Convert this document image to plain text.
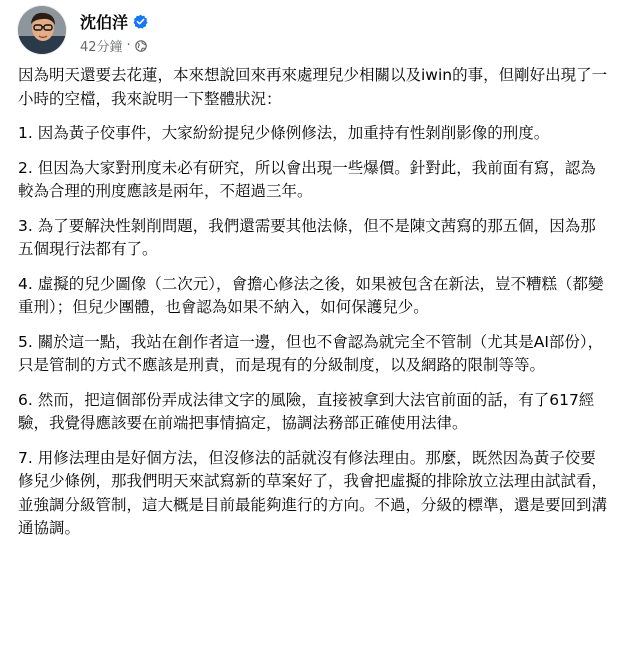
沈伯洋
42分鐘 ·

因為明天還要去花蓮，本來想說回來再來處理兒少相關以及iwin的事，但剛好出現了一小時的空檔，我來說明一下整體狀況：

1. 因為黃子佼事件，大家紛紛提兒少條例修法，加重持有性剝削影像的刑度。

2. 但因為大家對刑度未必有研究，所以會出現一些爆價。針對此，我前面有寫，認為較為合理的刑度應該是兩年，不超過三年。

3. 為了要解決性剝削問題，我們還需要其他法條，但不是陳文茜寫的那五個，因為那五個現行法都有了。

4. 虛擬的兒少圖像（二次元），會擔心修法之後，如果被包含在新法，豈不糟糕（都變重刑）；但兒少團體，也會認為如果不納入，如何保護兒少。

5. 關於這一點，我站在創作者這一邊，但也不會認為就完全不管制（尤其是AI部份），只是管制的方式不應該是刑責，而是現有的分級制度，以及網路的限制等等。

6. 然而，把這個部份弄成法律文字的風險，直接被拿到大法官前面的話，有了617經驗，我覺得應該要在前端把事情搞定，協調法務部正確使用法律。

7. 用修法理由是好個方法，但沒修法的話就沒有修法理由。那麼，既然因為黃子佼要修兒少條例，那我們明天來試寫新的草案好了，我會把虛擬的排除放立法理由試試看，並強調分級管制，這大概是目前最能夠進行的方向。不過，分級的標準，還是要回到溝通協調。
